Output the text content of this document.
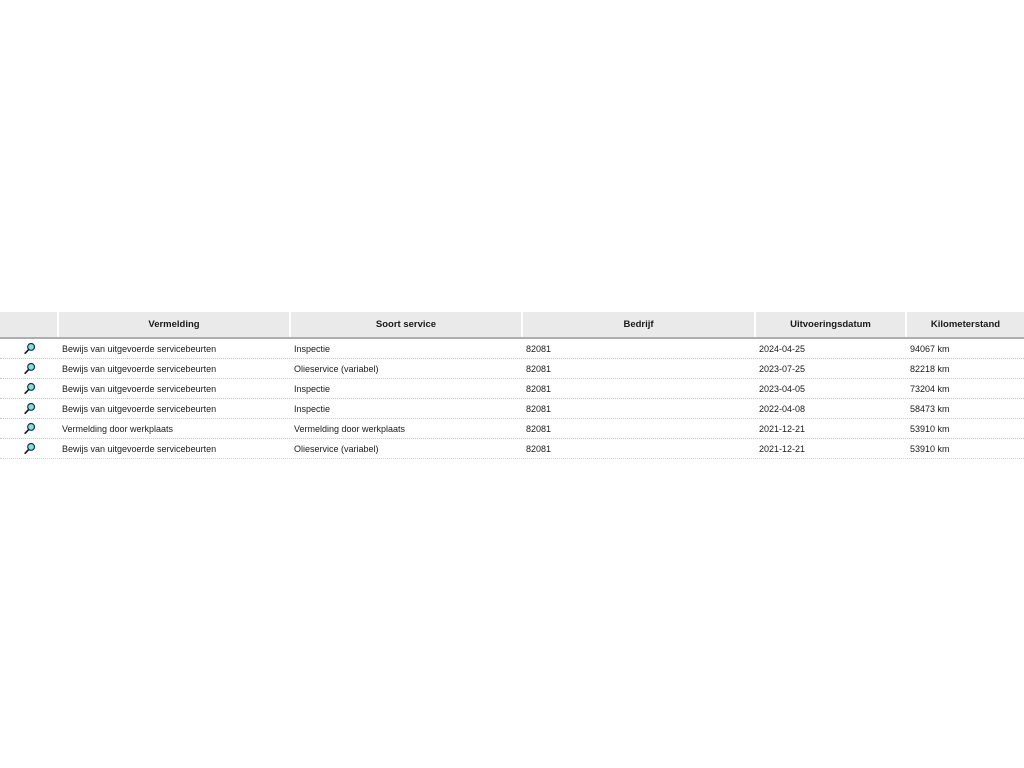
Vermelding	Soort service	Bedrijf	Uitvoeringsdatum	Kilometerstand
Bewijs van uitgevoerde servicebeurten	Inspectie	82081	2024-04-25	94067 km
Bewijs van uitgevoerde servicebeurten	Olieservice (variabel)	82081	2023-07-25	82218 km
Bewijs van uitgevoerde servicebeurten	Inspectie	82081	2023-04-05	73204 km
Bewijs van uitgevoerde servicebeurten	Inspectie	82081	2022-04-08	58473 km
Vermelding door werkplaats	Vermelding door werkplaats	82081	2021-12-21	53910 km
Bewijs van uitgevoerde servicebeurten	Olieservice (variabel)	82081	2021-12-21	53910 km
